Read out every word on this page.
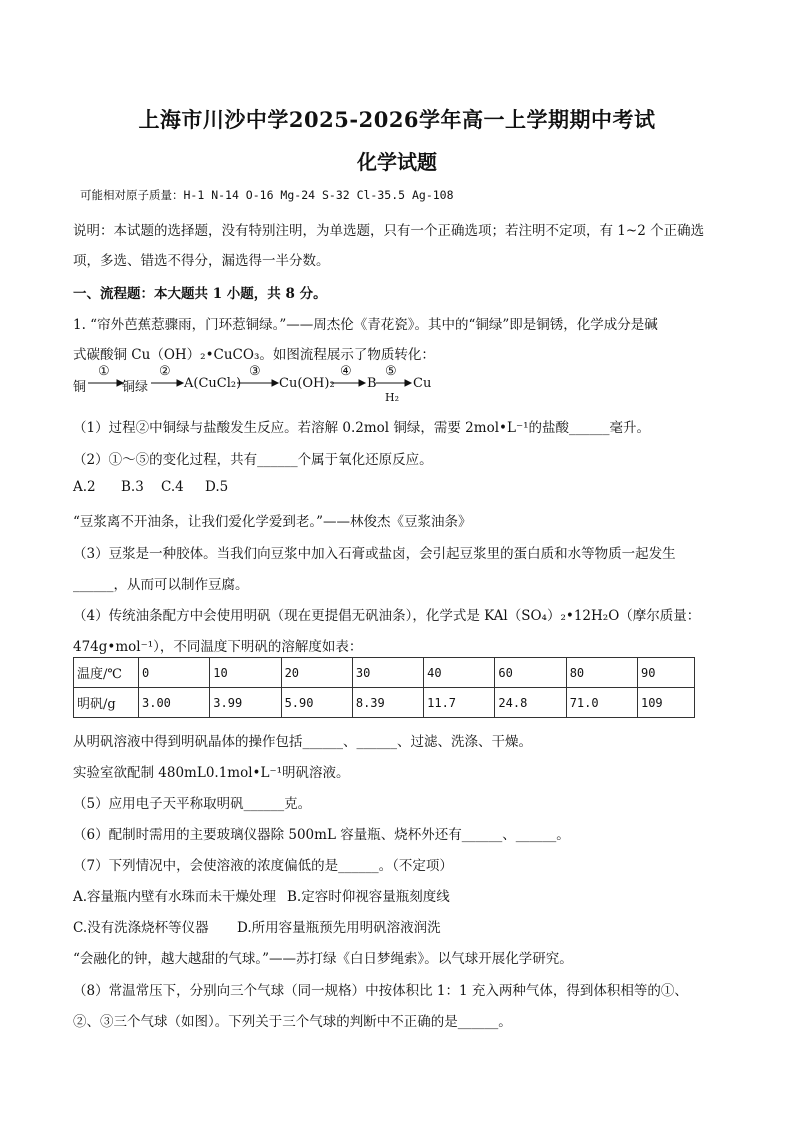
上海市川沙中学2025-2026学年高一上学期期中考试
化学试题
可能相对原子质量：H-1 N-14 O-16 Mg-24 S-32 Cl-35.5 Ag-108
说明：本试题的选择题，没有特别注明，为单选题，只有一个正确选项；若注明不定项，有 1~2 个正确选
项，多选、错选不得分，漏选得一半分数。
一、流程题：本大题共 1 小题，共 8 分。
1. “帘外芭蕉惹骤雨，门环惹铜绿。”——周杰伦《青花瓷》。其中的“铜绿”即是铜锈，化学成分是碱
式碳酸铜 Cu（OH）₂•CuCO₃。如图流程展示了物质转化：
铜
①
铜绿
②
A(CuCl₂)
③
Cu(OH)₂
④
B
⑤
H₂
Cu
（1）过程②中铜绿与盐酸发生反应。若溶解 0.2mol 铜绿，需要 2mol•L⁻¹的盐酸______毫升。
（2）①～⑤的变化过程，共有______个属于氧化还原反应。
A.2 B.3 C.4 D.5
“豆浆离不开油条，让我们爱化学爱到老。”——林俊杰《豆浆油条》
（3）豆浆是一种胶体。当我们向豆浆中加入石膏或盐卤，会引起豆浆里的蛋白质和水等物质一起发生
______，从而可以制作豆腐。
（4）传统油条配方中会使用明矾（现在更提倡无矾油条），化学式是 KAl（SO₄）₂•12H₂O（摩尔质量：
474g•mol⁻¹），不同温度下明矾的溶解度如表：
温度/℃	0	10	20	30	40	60	80	90
明矾/g	3.00	3.99	5.90	8.39	11.7	24.8	71.0	109
从明矾溶液中得到明矾晶体的操作包括______、______、过滤、洗涤、干燥。
实验室欲配制 480mL0.1mol•L⁻¹明矾溶液。
（5）应用电子天平称取明矾______克。
（6）配制时需用的主要玻璃仪器除 500mL 容量瓶、烧杯外还有______、______。
（7）下列情况中，会使溶液的浓度偏低的是______。（不定项）
A.容量瓶内壁有水珠而未干燥处理 B.定容时仰视容量瓶刻度线
C.没有洗涤烧杯等仪器 D.所用容量瓶预先用明矾溶液润洗
“会融化的钟，越大越甜的气球。”——苏打绿《白日梦绳索》。以气球开展化学研究。
（8）常温常压下，分别向三个气球（同一规格）中按体积比 1：1 充入两种气体，得到体积相等的①、
②、③三个气球（如图）。下列关于三个气球的判断中不正确的是______。
